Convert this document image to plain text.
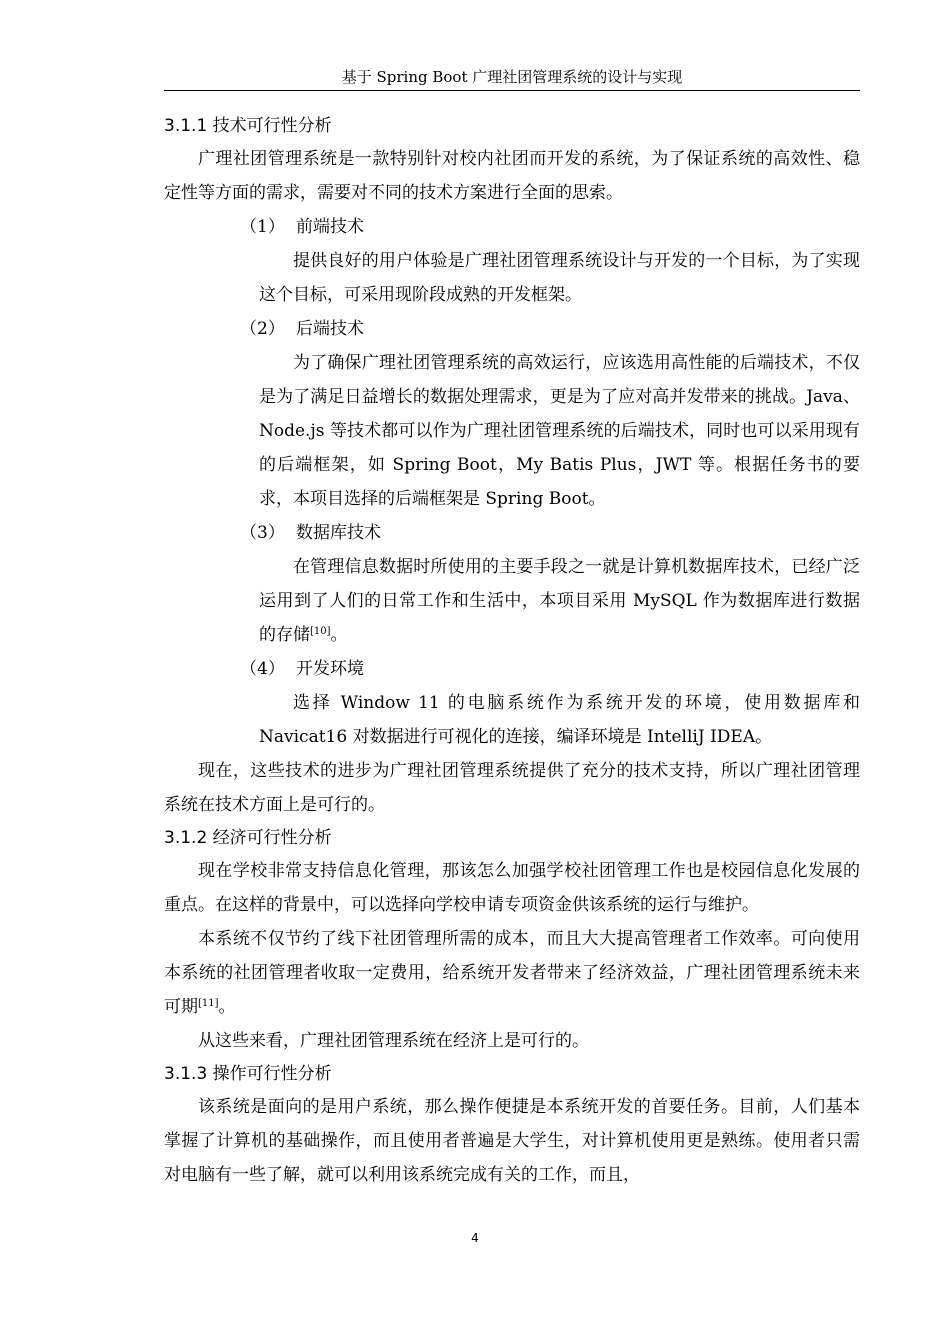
基于 Spring Boot 广理社团管理系统的设计与实现
3.1.1 技术可行性分析

广理社团管理系统是一款特别针对校内社团而开发的系统，为了保证系统的高效性、稳定性等方面的需求，需要对不同的技术方案进行全面的思索。

（1） 前端技术

提供良好的用户体验是广理社团管理系统设计与开发的一个目标，为了实现这个目标，可采用现阶段成熟的开发框架。

（2） 后端技术

为了确保广理社团管理系统的高效运行，应该选用高性能的后端技术，不仅是为了满足日益增长的数据处理需求，更是为了应对高并发带来的挑战。Java、Node.js 等技术都可以作为广理社团管理系统的后端技术，同时也可以采用现有的后端框架，如 Spring Boot，My Batis Plus，JWT 等。根据任务书的要求，本项目选择的后端框架是 Spring Boot。

（3） 数据库技术

在管理信息数据时所使用的主要手段之一就是计算机数据库技术，已经广泛运用到了人们的日常工作和生活中，本项目采用 MySQL 作为数据库进行数据的存储[10]。

（4） 开发环境

选择 Window 11 的电脑系统作为系统开发的环境，使用数据库和 Navicat16 对数据进行可视化的连接，编译环境是 IntelliJ IDEA。

现在，这些技术的进步为广理社团管理系统提供了充分的技术支持，所以广理社团管理系统在技术方面上是可行的。

3.1.2 经济可行性分析

现在学校非常支持信息化管理，那该怎么加强学校社团管理工作也是校园信息化发展的重点。在这样的背景中，可以选择向学校申请专项资金供该系统的运行与维护。

本系统不仅节约了线下社团管理所需的成本，而且大大提高管理者工作效率。可向使用本系统的社团管理者收取一定费用，给系统开发者带来了经济效益，广理社团管理系统未来可期[11]。

从这些来看，广理社团管理系统在经济上是可行的。

3.1.3 操作可行性分析

该系统是面向的是用户系统，那么操作便捷是本系统开发的首要任务。目前，人们基本掌握了计算机的基础操作，而且使用者普遍是大学生，对计算机使用更是熟练。使用者只需对电脑有一些了解，就可以利用该系统完成有关的工作，而且，

4
